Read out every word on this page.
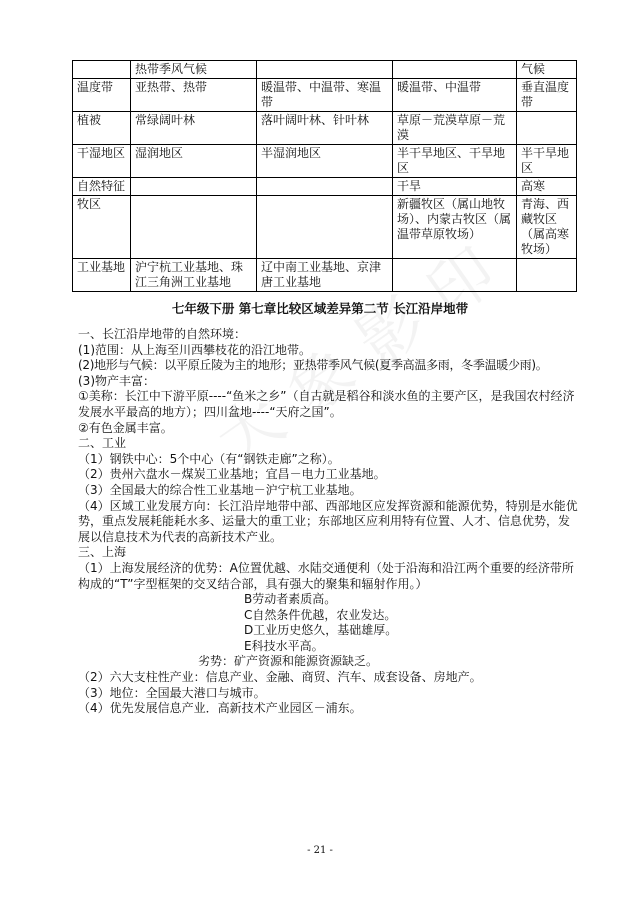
	热带季风气候			气候
温度带	亚热带、热带	暖温带、中温带、寒温带	暖温带、中温带	垂直温度带
植被	常绿阔叶林	落叶阔叶林、针叶林	草原－荒漠草原－荒漠	
干湿地区	湿润地区	半湿润地区	半干旱地区、干旱地区	半干旱地区
自然特征			干旱	高寒
牧区			新疆牧区（属山地牧场）、内蒙古牧区（属温带草原牧场）	青海、西藏牧区（属高寒牧场）
工业基地	沪宁杭工业基地、珠江三角洲工业基地	辽中南工业基地、京津唐工业基地		
七年级下册 第七章比较区域差异第二节 长江沿岸地带

一、长江沿岸地带的自然环境：

(1)范围：从上海至川西攀枝花的沿江地带。

(2)地形与气候：以平原丘陵为主的地形；亚热带季风气候(夏季高温多雨，冬季温暖少雨)。

(3)物产丰富：

①美称：长江中下游平原----“鱼米之乡”（自古就是稻谷和淡水鱼的主要产区，是我国农村经济发展水平最高的地方）；四川盆地----“天府之国”。

②有色金属丰富。

二、工业

（1）钢铁中心：5个中心（有“钢铁走廊”之称）。

（2）贵州六盘水－煤炭工业基地；宜昌－电力工业基地。

（3）全国最大的综合性工业基地－沪宁杭工业基地。

（4）区域工业发展方向：长江沿岸地带中部、西部地区应发挥资源和能源优势，特别是水能优势，重点发展耗能耗水多、运量大的重工业；东部地区应利用特有位置、人才、信息优势，发展以信息技术为代表的高新技术产业。

三、上海

（1）上海发展经济的优势：A位置优越、水陆交通便利（处于沿海和沿江两个重要的经济带所构成的“T”字型框架的交叉结合部，具有强大的聚集和辐射作用。）

B劳动者素质高。

C自然条件优越，农业发达。

D工业历史悠久，基础雄厚。

E科技水平高。

劣势：矿产资源和能源资源缺乏。

（2）六大支柱性产业：信息产业、金融、商贸、汽车、成套设备、房地产。

（3）地位：全国最大港口与城市。

（4）优先发展信息产业．高新技术产业园区－浦东。

- 21 -
